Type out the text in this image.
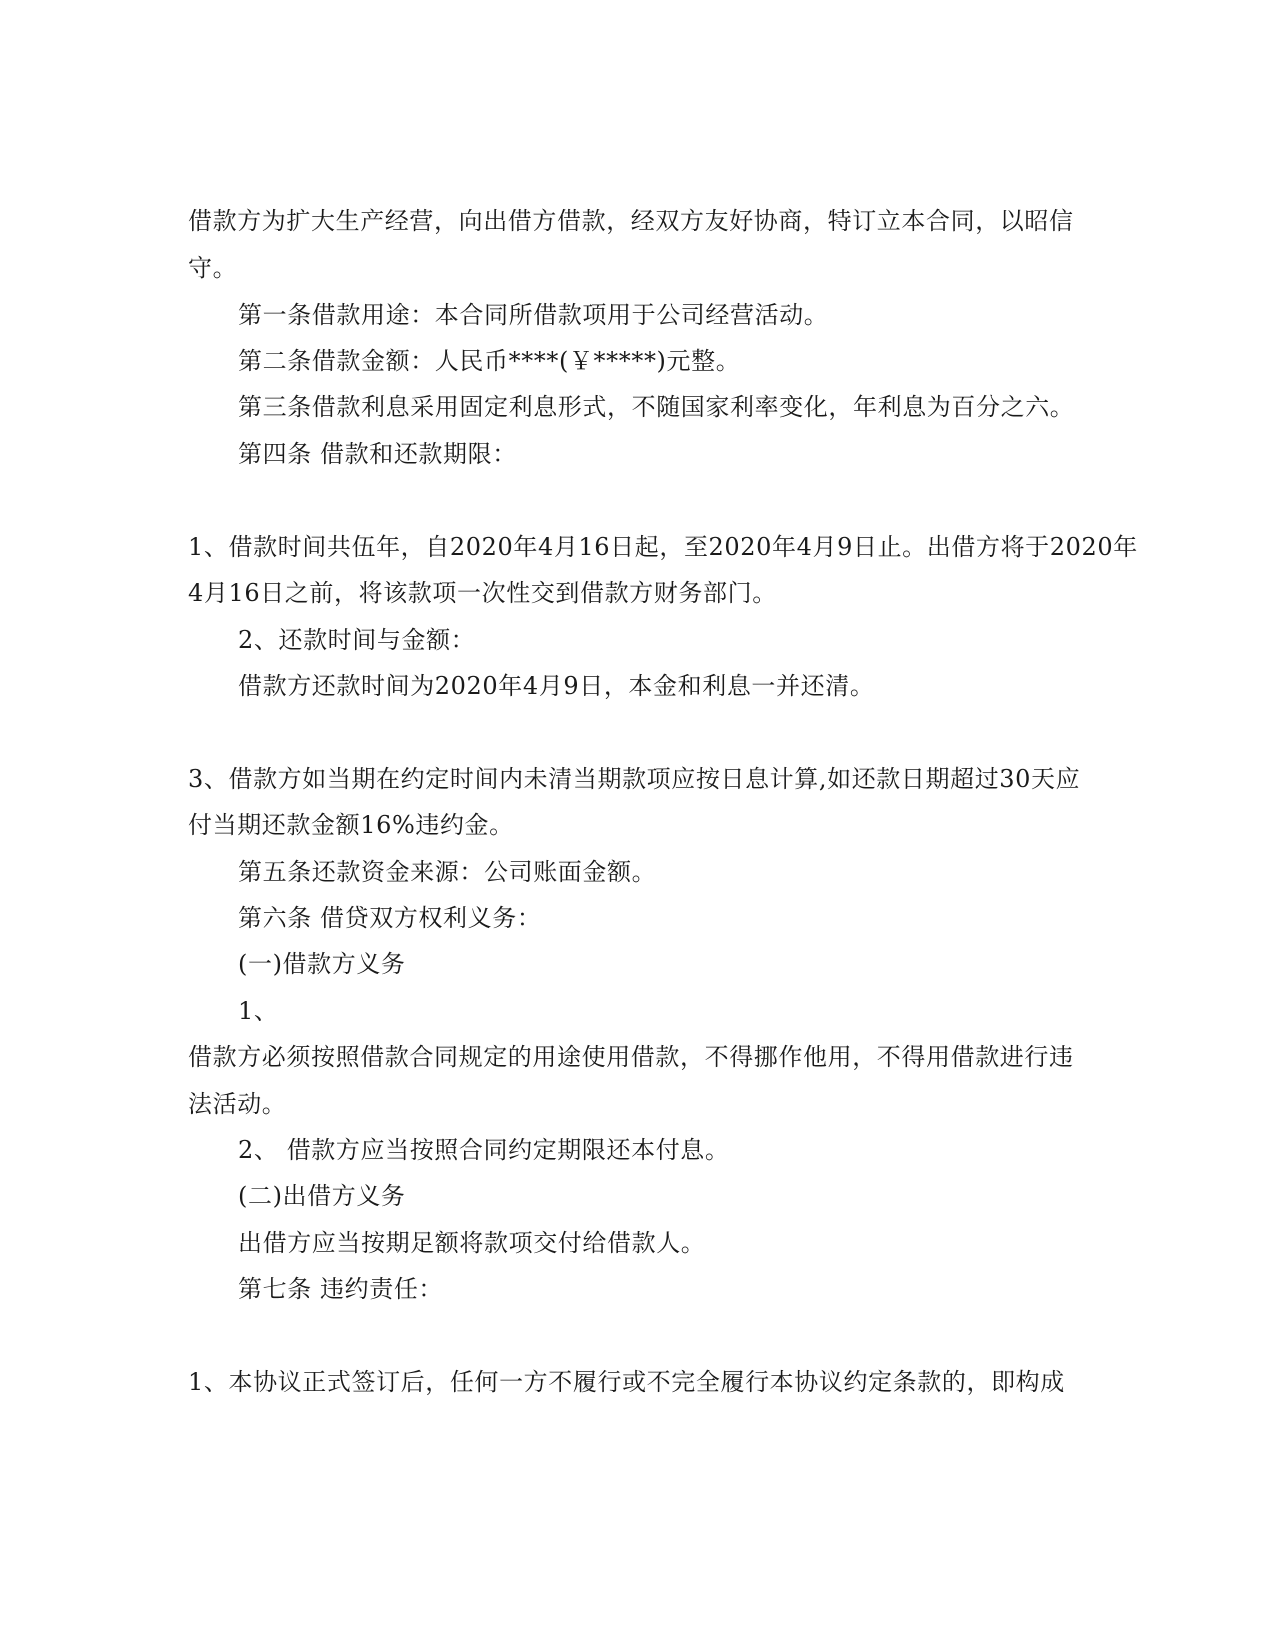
借款方为扩大生产经营，向出借方借款，经双方友好协商，特订立本合同，以昭信
守。
第一条借款用途：本合同所借款项用于公司经营活动。
第二条借款金额：人民币****(￥*****)元整。
第三条借款利息采用固定利息形式，不随国家利率变化，年利息为百分之六。
第四条 借款和还款期限：
1、借款时间共伍年，自2020年4月16日起，至2020年4月9日止。出借方将于2020年
4月16日之前，将该款项一次性交到借款方财务部门。
2、还款时间与金额：
借款方还款时间为2020年4月9日，本金和利息一并还清。
3、借款方如当期在约定时间内未清当期款项应按日息计算,如还款日期超过30天应
付当期还款金额16%违约金。
第五条还款资金来源：公司账面金额。
第六条 借贷双方权利义务：
(一)借款方义务
1、
借款方必须按照借款合同规定的用途使用借款，不得挪作他用，不得用借款进行违
法活动。
2、 借款方应当按照合同约定期限还本付息。
(二)出借方义务
出借方应当按期足额将款项交付给借款人。
第七条 违约责任：
1、本协议正式签订后，任何一方不履行或不完全履行本协议约定条款的，即构成
